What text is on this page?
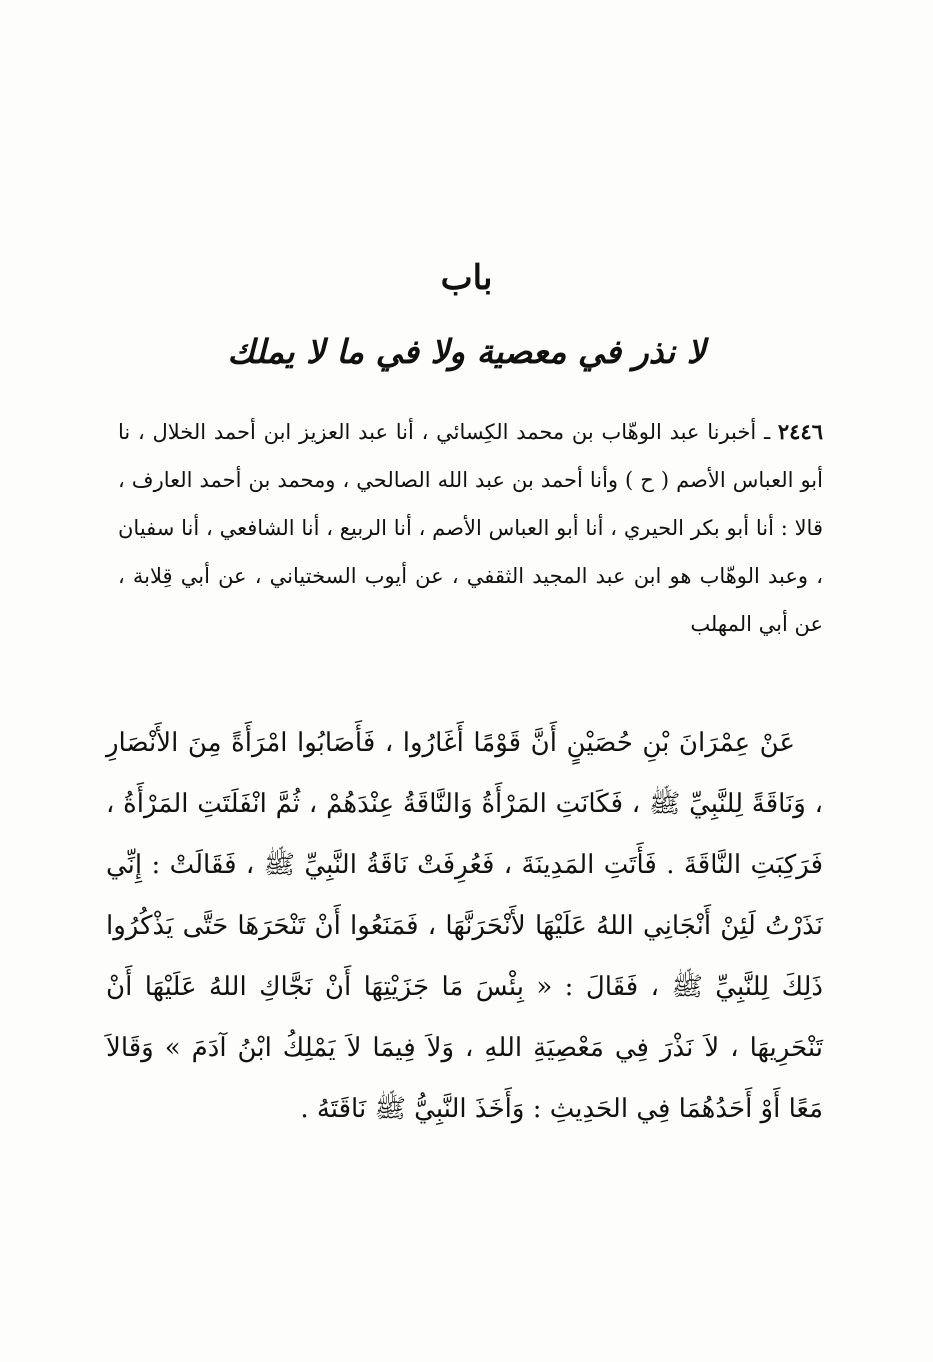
باب
لا نذر في معصية ولا في ما لا يملك
٢٤٤٦ ـ أخبرنا عبد الوهّاب بن محمد الكِسائي ، أنا عبد العزيز ابن أحمد الخلال ، نا أبو العباس الأصم ( ح ) وأنا أحمد بن عبد الله الصالحي ، ومحمد بن أحمد العارف ، قالا : أنا أبو بكر الحيري ، أنا أبو العباس الأصم ، أنا الربيع ، أنا الشافعي ، أنا سفيان ، وعبد الوهّاب هو ابن عبد المجيد الثقفي ، عن أيوب السختياني ، عن أبي قِلابة ، عن أبي المهلب
عَنْ عِمْرَانَ بْنِ حُصَيْنٍ أَنَّ قَوْمًا أَغَارُوا ، فَأَصَابُوا امْرَأَةً مِنَ الأَنْصَارِ ، وَنَاقَةً لِلنَّبِيِّ ﷺ ، فَكَانَتِ المَرْأَةُ وَالنَّاقَةُ عِنْدَهُمْ ، ثُمَّ انْفَلَتَتِ المَرْأَةُ ، فَرَكِبَتِ النَّاقَةَ . فَأَتَتِ المَدِينَةَ ، فَعُرِفَتْ نَاقَةُ النَّبِيِّ ﷺ ، فَقَالَتْ : إِنِّي نَذَرْتُ لَئِنْ أَنْجَانِي اللهُ عَلَيْهَا لأَنْحَرَنَّهَا ، فَمَنَعُوا أَنْ تَنْحَرَهَا حَتَّى يَذْكُرُوا ذَلِكَ لِلنَّبِيِّ ﷺ ، فَقَالَ : « بِئْسَ مَا جَزَيْتِهَا أَنْ نَجَّاكِ اللهُ عَلَيْهَا أَنْ تَنْحَرِيهَا ، لاَ نَذْرَ فِي مَعْصِيَةِ اللهِ ، وَلاَ فِيمَا لاَ يَمْلِكُ ابْنُ آدَمَ » وَقَالاَ مَعًا أَوْ أَحَدُهُمَا فِي الحَدِيثِ : وَأَخَذَ النَّبِيُّ ﷺ نَاقَتَهُ .
